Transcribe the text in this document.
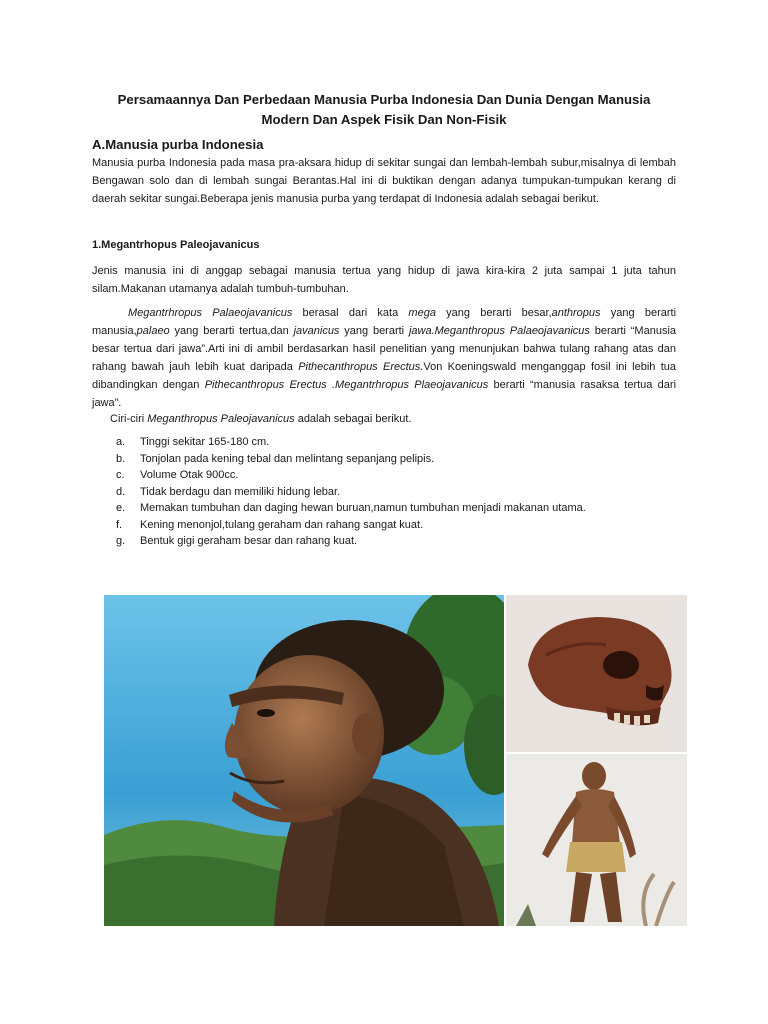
Persamaannya Dan Perbedaan Manusia Purba Indonesia Dan Dunia Dengan Manusia Modern Dan Aspek Fisik Dan Non-Fisik
A.Manusia purba Indonesia

Manusia purba Indonesia pada masa pra-aksara hidup di sekitar sungai dan lembah-lembah subur,misalnya di lembah Bengawan solo dan di lembah sungai Berantas.Hal ini di buktikan dengan adanya tumpukan-tumpukan kerang di daerah sekitar sungai.Beberapa jenis manusia purba yang terdapat di Indonesia adalah sebagai berikut.

1.Megantrhopus Paleojavanicus

Jenis manusia ini di anggap sebagai manusia tertua yang hidup di jawa kira-kira 2 juta sampai 1 juta tahun silam.Makanan utamanya adalah tumbuh-tumbuhan.

Megantrhropus Palaeojavanicus berasal dari kata mega yang berarti besar,anthropus yang berarti manusia,palaeo yang berarti tertua,dan javanicus yang berarti jawa.Meganthropus Palaeojavanicus berarti “Manusia besar tertua dari jawa”.Arti ini di ambil berdasarkan hasil penelitian yang menunjukan bahwa tulang rahang atas dan rahang bawah jauh lebih kuat daripada Pithecanthropus Erectus.Von Koeningswald menganggap fosil ini lebih tua dibandingkan dengan Pithecanthropus Erectus .Megantrhropus Plaeojavanicus berarti “manusia rasaksa tertua dari jawa”.

Ciri-ciri Meganthropus Paleojavanicus adalah sebagai berikut.
a.	Tinggi sekitar 165-180 cm.
b.	Tonjolan pada kening tebal dan melintang sepanjang pelipis.
c.	Volume Otak 900cc.
d.	Tidak berdagu dan memiliki hidung lebar.
e.	Memakan tumbuhan dan daging hewan buruan,namun tumbuhan menjadi makanan utama.
f.	Kening menonjol,tulang geraham dan rahang sangat kuat.
g.	Bentuk gigi geraham besar dan rahang kuat.
